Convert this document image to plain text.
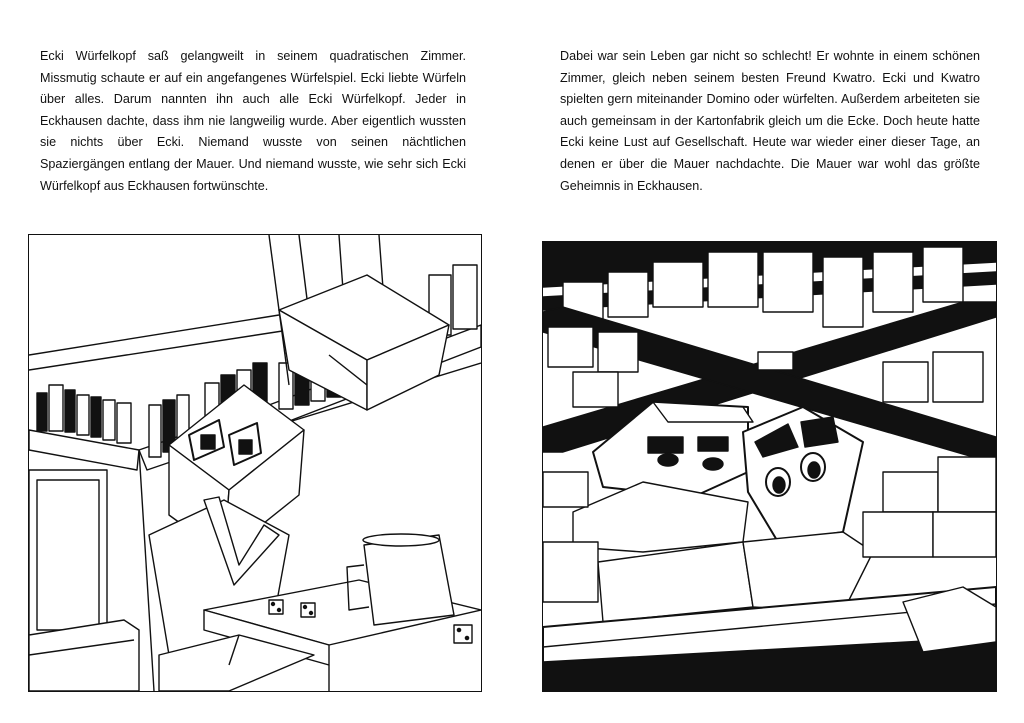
Ecki Würfelkopf saß gelangweilt in seinem quadratischen Zimmer. Missmutig schaute er auf ein angefangenes Würfelspiel. Ecki liebte Würfeln über alles. Darum nannten ihn auch alle Ecki Würfelkopf. Jeder in Eckhausen dachte, dass ihm nie langweilig wurde. Aber eigentlich wussten sie nichts über Ecki. Niemand wusste von seinen nächtlichen Spaziergängen entlang der Mauer. Und niemand wusste, wie sehr sich Ecki Würfelkopf aus Eckhausen fortwünschte.
Dabei war sein Leben gar nicht so schlecht! Er wohnte in einem schönen Zimmer, gleich neben seinem besten Freund Kwatro. Ecki und Kwatro spielten gern miteinander Domino oder würfelten. Außerdem arbeiteten sie auch gemeinsam in der Kartonfabrik gleich um die Ecke. Doch heute hatte Ecki keine Lust auf Gesellschaft. Heute war wieder einer dieser Tage, an denen er über die Mauer nachdachte. Die Mauer war wohl das größte Geheimnis in Eckhausen.
